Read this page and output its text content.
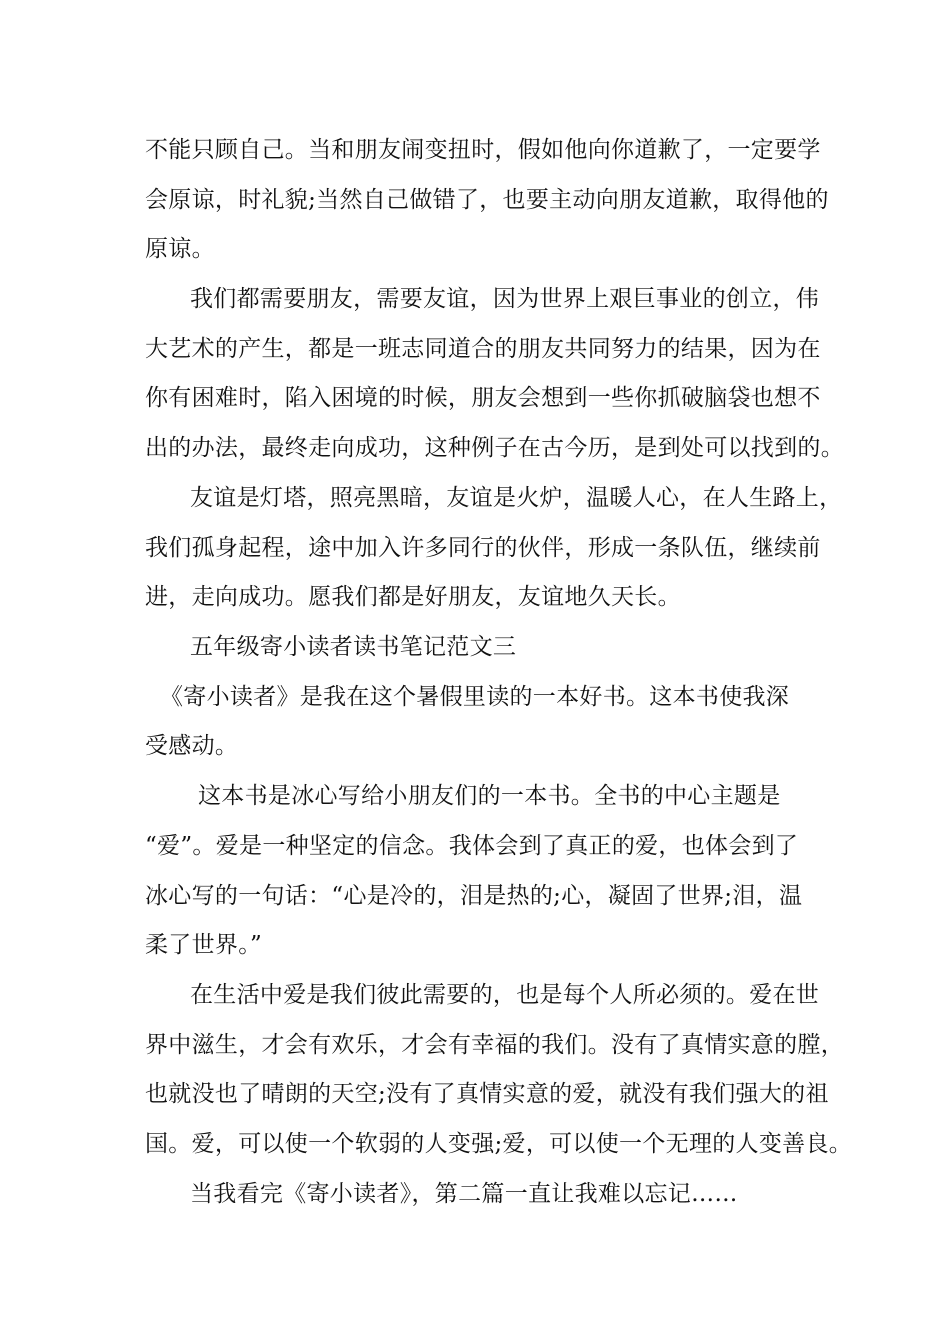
不能只顾自己。当和朋友闹变扭时，假如他向你道歉了，一定要学
会原谅，时礼貌;当然自己做错了，也要主动向朋友道歉，取得他的
原谅。
我们都需要朋友，需要友谊，因为世界上艰巨事业的创立，伟
大艺术的产生，都是一班志同道合的朋友共同努力的结果，因为在
你有困难时，陷入困境的时候，朋友会想到一些你抓破脑袋也想不
出的办法，最终走向成功，这种例子在古今历，是到处可以找到的。
友谊是灯塔，照亮黑暗，友谊是火炉，温暖人心，在人生路上，
我们孤身起程，途中加入许多同行的伙伴，形成一条队伍，继续前
进，走向成功。愿我们都是好朋友，友谊地久天长。
五年级寄小读者读书笔记范文三
《寄小读者》是我在这个暑假里读的一本好书。这本书使我深
受感动。
这本书是冰心写给小朋友们的一本书。全书的中心主题是
“爱”。爱是一种坚定的信念。我体会到了真正的爱，也体会到了
冰心写的一句话：“心是冷的，泪是热的;心，凝固了世界;泪，温
柔了世界。”
在生活中爱是我们彼此需要的，也是每个人所必须的。爱在世
界中滋生，才会有欢乐，才会有幸福的我们。没有了真情实意的膛，
也就没也了晴朗的天空;没有了真情实意的爱，就没有我们强大的祖
国。爱，可以使一个软弱的人变强;爱，可以使一个无理的人变善良。
当我看完《寄小读者》，第二篇一直让我难以忘记……
